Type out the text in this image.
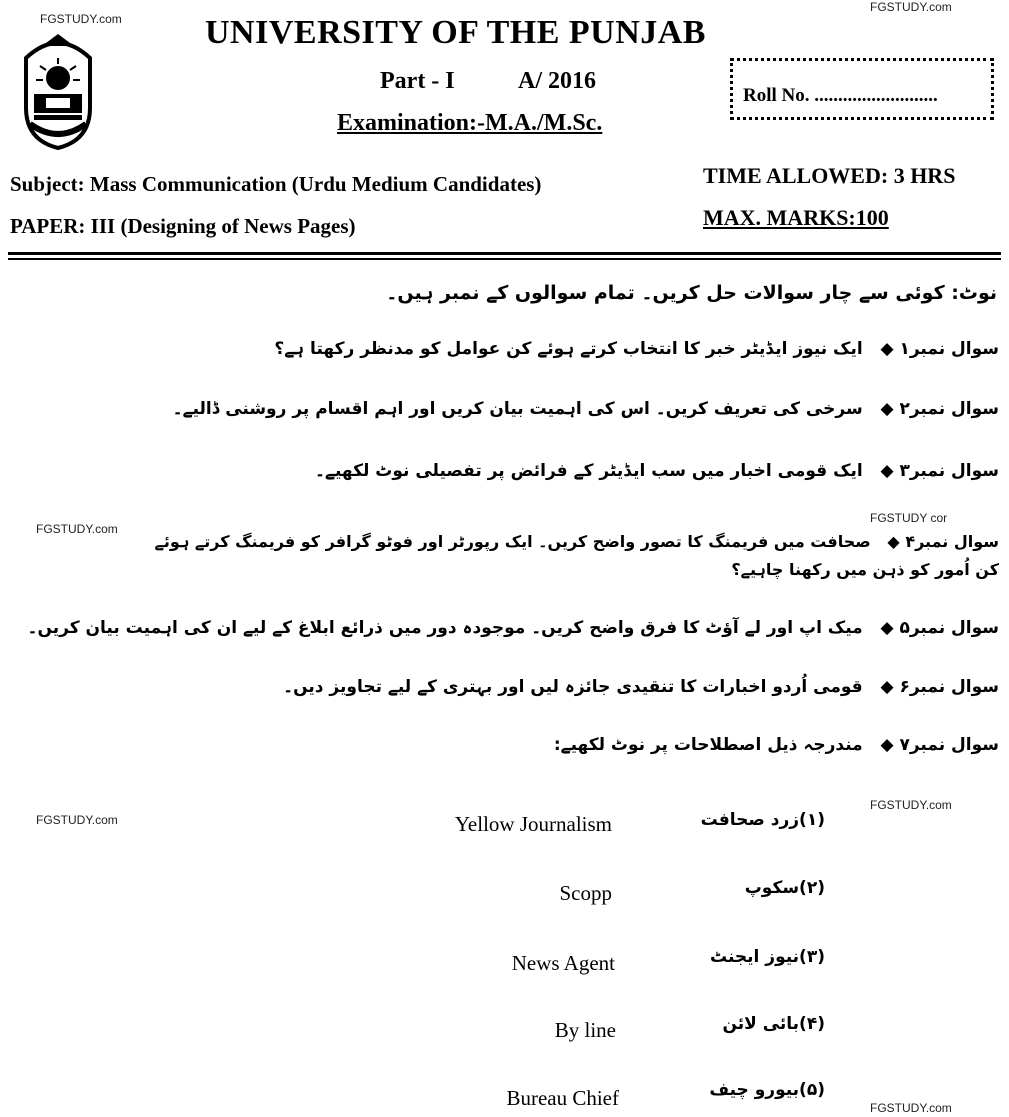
FGSTUDY.com
FGSTUDY.com
FGSTUDY.com
FGSTUDY cor
FGSTUDY.com
FGSTUDY.com
FGSTUDY.com
UNIVERSITY OF THE PUNJAB
Part - I	A/ 2016
Examination:-M.A./M.Sc.
Roll No. ..........................
Subject: Mass Communication (Urdu Medium Candidates)
PAPER: III (Designing of News Pages)
TIME ALLOWED: 3 HRS
MAX. MARKS:100
نوٹ: کوئی سے چار سوالات حل کریں۔ تمام سوالوں کے نمبر ہیں۔
سوال نمبر۱ ◆   ایک نیوز ایڈیٹر خبر کا انتخاب کرتے ہوئے کن عوامل کو مدنظر رکھتا ہے؟
سوال نمبر۲ ◆   سرخی کی تعریف کریں۔ اس کی اہمیت بیان کریں اور اہم اقسام پر روشنی ڈالیے۔
سوال نمبر۳ ◆   ایک قومی اخبار میں سب ایڈیٹر کے فرائض پر تفصیلی نوٹ لکھیے۔
سوال نمبر۴ ◆   صحافت میں فریمنگ کا تصور واضح کریں۔ ایک رپورٹر اور فوٹو گرافر کو فریمنگ کرتے ہوئے کن اُمور کو ذہن میں رکھنا چاہیے؟
سوال نمبر۵ ◆   میک اپ اور لے آؤٹ کا فرق واضح کریں۔ موجودہ دور میں ذرائع ابلاغ کے لیے ان کی اہمیت بیان کریں۔
سوال نمبر۶ ◆   قومی اُردو اخبارات کا تنقیدی جائزہ لیں اور بہتری کے لیے تجاویز دیں۔
سوال نمبر۷ ◆   مندرجہ ذیل اصطلاحات پر نوٹ لکھیے:
(۱)زرد صحافت
Yellow Journalism
(۲)سکوپ
Scopp
(۳)نیوز ایجنٹ
News Agent
(۴)بائی لائن
By line
(۵)بیورو چیف
Bureau Chief
